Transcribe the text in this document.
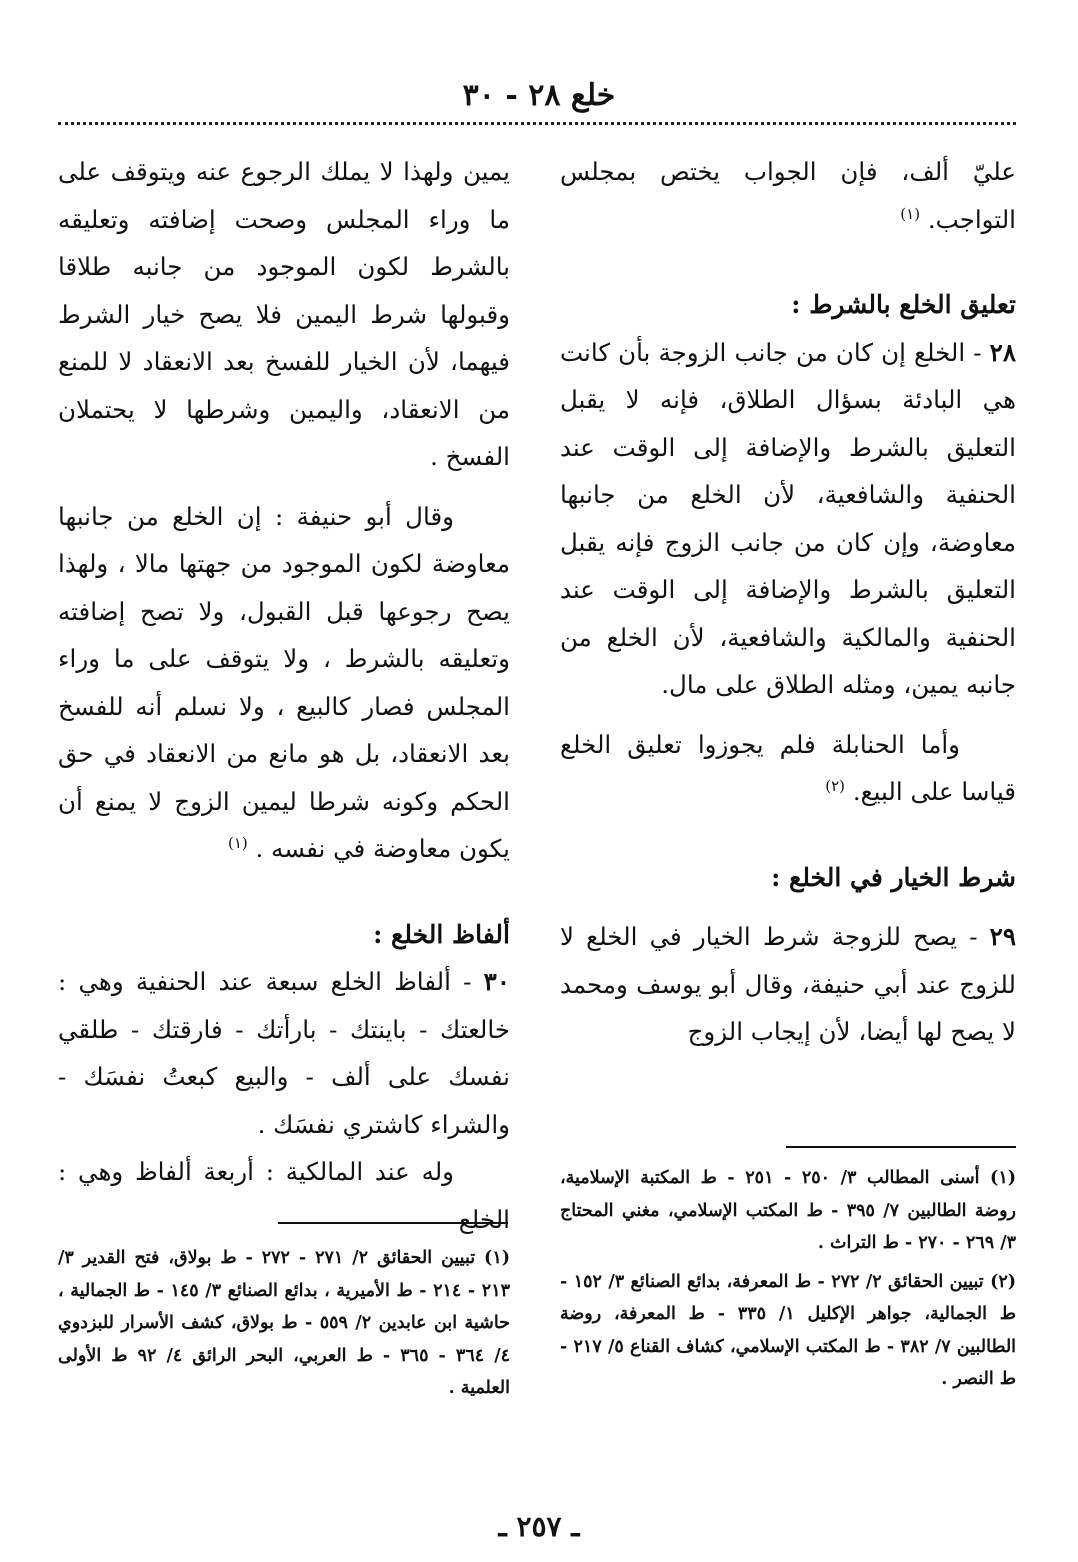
خلع ٢٨ - ٣٠

عليّ ألف، فإن الجواب يختص بمجلس التواجب. $^{(١)}$

تعليق الخلع بالشرط :

٢٨ - الخلع إن كان من جانب الزوجة بأن كانت هي البادئة بسؤال الطلاق، فإنه لا يقبل التعليق بالشرط والإضافة إلى الوقت عند الحنفية والشافعية، لأن الخلع من جانبها معاوضة، وإن كان من جانب الزوج فإنه يقبل التعليق بالشرط والإضافة إلى الوقت عند الحنفية والمالكية والشافعية، لأن الخلع من جانبه يمين، ومثله الطلاق على مال.

وأما الحنابلة فلم يجوزوا تعليق الخلع قياسا على البيع. $^{(٢)}$

شرط الخيار في الخلع :

٢٩ - يصح للزوجة شرط الخيار في الخلع لا للزوج عند أبي حنيفة، وقال أبو يوسف ومحمد لا يصح لها أيضا، لأن إيجاب الزوج

يمين ولهذا لا يملك الرجوع عنه ويتوقف على ما وراء المجلس وصحت إضافته وتعليقه بالشرط لكون الموجود من جانبه طلاقا وقبولها شرط اليمين فلا يصح خيار الشرط فيهما، لأن الخيار للفسخ بعد الانعقاد لا للمنع من الانعقاد، واليمين وشرطها لا يحتملان الفسخ .

وقال أبو حنيفة : إن الخلع من جانبها معاوضة لكون الموجود من جهتها مالا ، ولهذا يصح رجوعها قبل القبول، ولا تصح إضافته وتعليقه بالشرط ، ولا يتوقف على ما وراء المجلس فصار كالبيع ، ولا نسلم أنه للفسخ بعد الانعقاد، بل هو مانع من الانعقاد في حق الحكم وكونه شرطا ليمين الزوج لا يمنع أن يكون معاوضة في نفسه . $^{(١)}$

ألفاظ الخلع :

٣٠ - ألفاظ الخلع سبعة عند الحنفية وهي : خالعتك - باينتك - بارأتك - فارقتك - طلقي نفسك على ألف - والبيع كبعتُ نفسَك - والشراء كاشتري نفسَك .

وله عند المالكية : أربعة ألفاظ وهي : الخلع

(١) أسنى المطالب ٣/ ٢٥٠ - ٢٥١ - ط المكتبة الإسلامية، روضة الطالبين ٧/ ٣٩٥ - ط المكتب الإسلامي، مغني المحتاج ٣/ ٢٦٩ - ٢٧٠ - ط التراث .

(٢) تبيين الحقائق ٢/ ٢٧٢ - ط المعرفة، بدائع الصنائع ٣/ ١٥٢ - ط الجمالية، جواهر الإكليل ١/ ٣٣٥ - ط المعرفة، روضة الطالبين ٧/ ٣٨٢ - ط المكتب الإسلامي، كشاف القناع ٥/ ٢١٧ - ط النصر .

(١) تبيين الحقائق ٢/ ٢٧١ - ٢٧٢ - ط بولاق، فتح القدير ٣/ ٢١٣ - ٢١٤ - ط الأميرية ، بدائع الصنائع ٣/ ١٤٥ - ط الجمالية ، حاشية ابن عابدين ٢/ ٥٥٩ - ط بولاق، كشف الأسرار للبزدوي ٤/ ٣٦٤ - ٣٦٥ - ط العربي، البحر الرائق ٤/ ٩٢ ط الأولى العلمية .

ـ ٢٥٧ ـ
